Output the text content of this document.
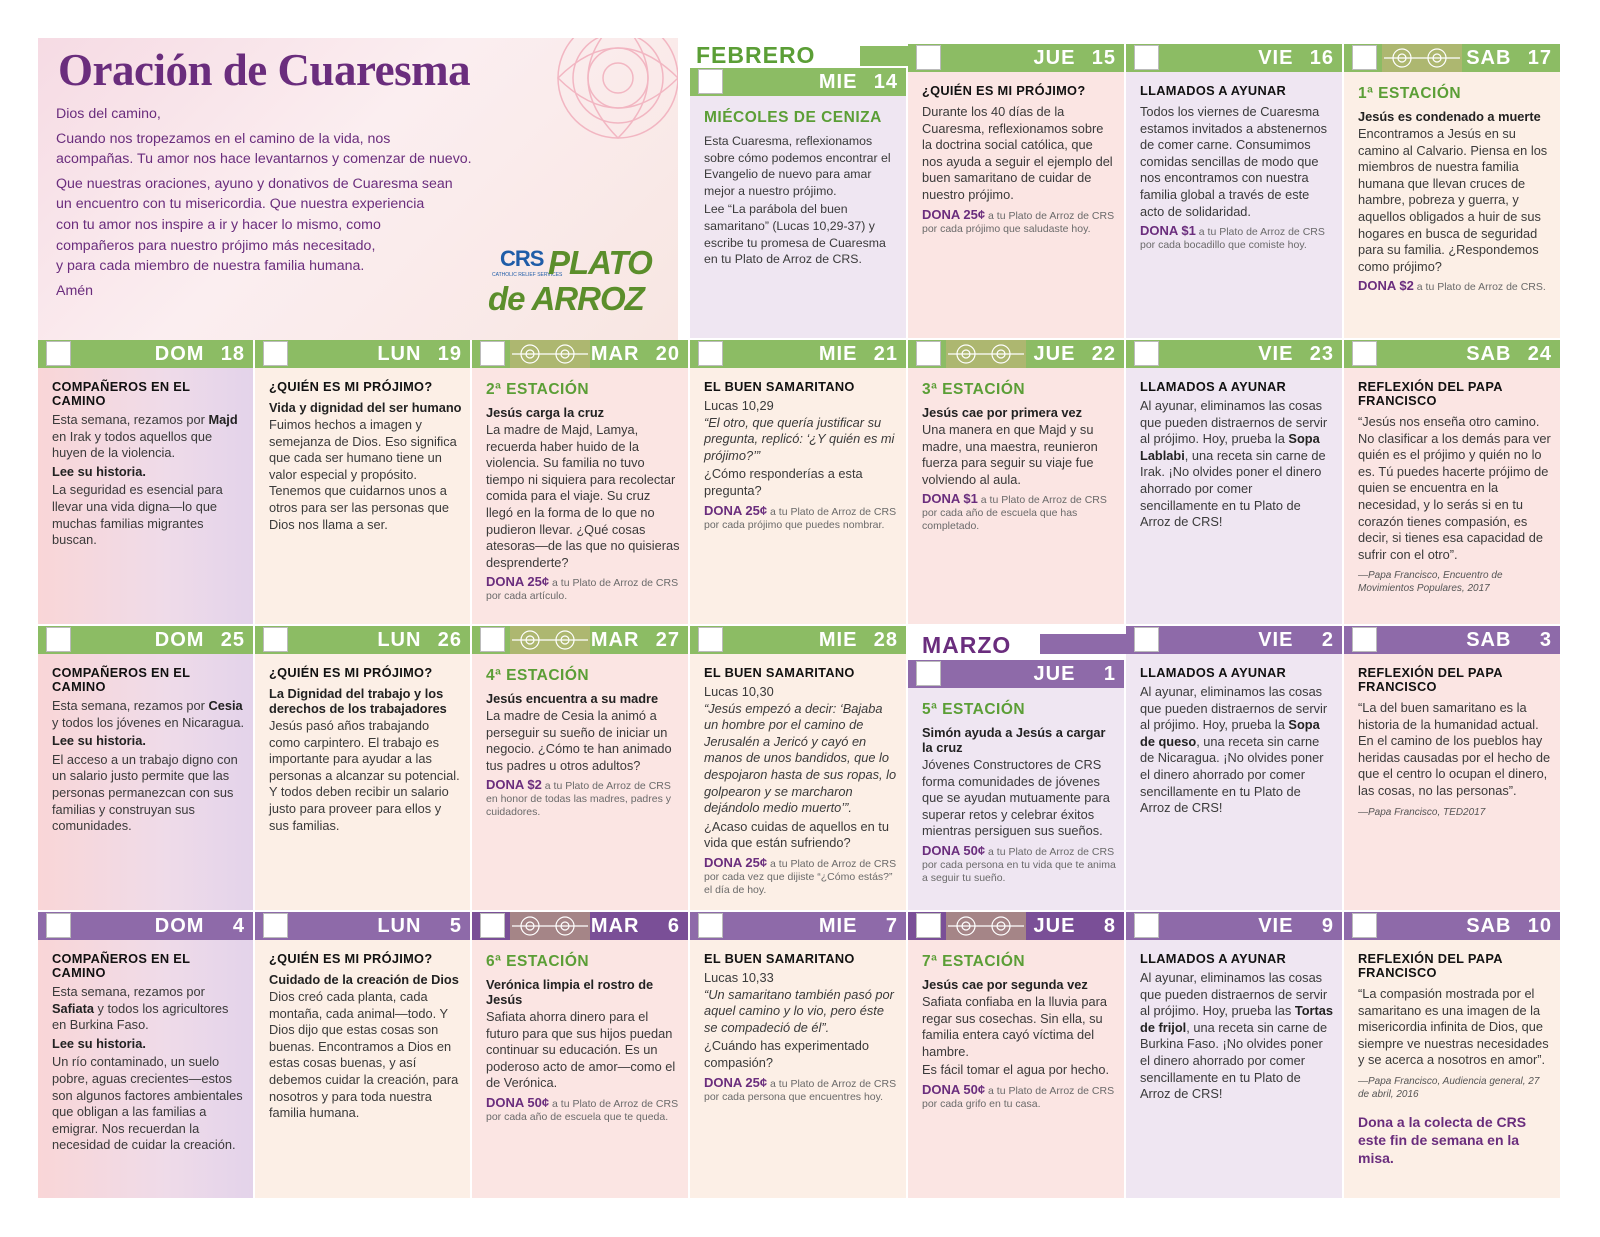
Oración de Cuaresma
Dios del camino,
Cuando nos tropezamos en el camino de la vida, nos
acompañas. Tu amor nos hace levantarnos y comenzar de nuevo.
Que nuestras oraciones, ayuno y donativos de Cuaresma sean
un encuentro con tu misericordia. Que nuestra experiencia
con tu amor nos inspire a ir y hacer lo mismo, como
compañeros para nuestro prójimo más necesitado,
y para cada miembro de nuestra familia humana.
Amén
CRS
CATHOLIC RELIEF SERVICES
PLATO
de ARROZ
FEBRERO
MARZO
MIE 14
MIÉCOLES DE CENIZA
Esta Cuaresma, reflexionamos sobre cómo podemos encontrar el Evangelio de nuevo para amar mejor a nuestro prójimo.
Lee “La parábola del buen samaritano” (Lucas 10,29-37) y escribe tu promesa de Cuaresma en tu Plato de Arroz de CRS.
JUE 15
¿QUIÉN ES MI PRÓJIMO?
Durante los 40 días de la Cuaresma, reflexionamos sobre la doctrina social católica, que nos ayuda a seguir el ejemplo del buen samaritano de cuidar de nuestro prójimo.
DONA 25¢ a tu Plato de Arroz de CRS por cada prójimo que saludaste hoy.
VIE 16
LLAMADOS A AYUNAR
Todos los viernes de Cuaresma estamos invitados a abstenernos de comer carne. Consumimos comidas sencillas de modo que nos encontramos con nuestra familia global a través de este acto de solidaridad.
DONA $1 a tu Plato de Arroz de CRS por cada bocadillo que comiste hoy.
SAB 17
1ª ESTACIÓN
Jesús es condenado a muerte
Encontramos a Jesús en su camino al Calvario. Piensa en los miembros de nuestra familia humana que llevan cruces de hambre, pobreza y guerra, y aquellos obligados a huir de sus hogares en busca de seguridad para su familia. ¿Respondemos como prójimo?
DONA $2 a tu Plato de Arroz de CRS.
DOM 18
COMPAÑEROS EN EL CAMINO
Esta semana, rezamos por Majd en Irak y todos aquellos que huyen de la violencia.
Lee su historia.
La seguridad es esencial para llevar una vida digna—lo que muchas familias migrantes buscan.
LUN 19
¿QUIÉN ES MI PRÓJIMO?
Vida y dignidad del ser humano
Fuimos hechos a imagen y semejanza de Dios. Eso significa que cada ser humano tiene un valor especial y propósito. Tenemos que cuidarnos unos a otros para ser las personas que Dios nos llama a ser.
MAR 20
2ª ESTACIÓN
Jesús carga la cruz
La madre de Majd, Lamya, recuerda haber huido de la violencia. Su familia no tuvo tiempo ni siquiera para recolectar comida para el viaje. Su cruz llegó en la forma de lo que no pudieron llevar. ¿Qué cosas atesoras—de las que no quisieras desprenderte?
DONA 25¢ a tu Plato de Arroz de CRS por cada artículo.
MIE 21
EL BUEN SAMARITANO
Lucas 10,29
“El otro, que quería justificar su pregunta, replicó: ‘¿Y quién es mi prójimo?’”
¿Cómo responderías a esta pregunta?
DONA 25¢ a tu Plato de Arroz de CRS por cada prójimo que puedes nombrar.
JUE 22
3ª ESTACIÓN
Jesús cae por primera vez
Una manera en que Majd y su madre, una maestra, reunieron fuerza para seguir su viaje fue volviendo al aula.
DONA $1 a tu Plato de Arroz de CRS por cada año de escuela que has completado.
VIE 23
LLAMADOS A AYUNAR
Al ayunar, eliminamos las cosas que pueden distraernos de servir al prójimo. Hoy, prueba la Sopa Lablabi, una receta sin carne de Irak. ¡No olvides poner el dinero ahorrado por comer sencillamente en tu Plato de Arroz de CRS!
SAB 24
REFLEXIÓN DEL PAPA FRANCISCO
“Jesús nos enseña otro camino. No clasificar a los demás para ver quién es el prójimo y quién no lo es. Tú puedes hacerte prójimo de quien se encuentra en la necesidad, y lo serás si en tu corazón tienes compasión, es decir, si tienes esa capacidad de sufrir con el otro”.
—Papa Francisco, Encuentro de Movimientos Populares, 2017
DOM 25
COMPAÑEROS EN EL CAMINO
Esta semana, rezamos por Cesia y todos los jóvenes en Nicaragua.
Lee su historia.
El acceso a un trabajo digno con un salario justo permite que las personas permanezcan con sus familias y construyan sus comunidades.
LUN 26
¿QUIÉN ES MI PRÓJIMO?
La Dignidad del trabajo y los derechos de los trabajadores
Jesús pasó años trabajando como carpintero. El trabajo es importante para ayudar a las personas a alcanzar su potencial. Y todos deben recibir un salario justo para proveer para ellos y sus familias.
MAR 27
4ª ESTACIÓN
Jesús encuentra a su madre
La madre de Cesia la animó a perseguir su sueño de iniciar un negocio. ¿Cómo te han animado tus padres u otros adultos?
DONA $2 a tu Plato de Arroz de CRS en honor de todas las madres, padres y cuidadores.
MIE 28
EL BUEN SAMARITANO
Lucas 10,30
“Jesús empezó a decir: ‘Bajaba un hombre por el camino de Jerusalén a Jericó y cayó en manos de unos bandidos, que lo despojaron hasta de sus ropas, lo golpearon y se marcharon dejándolo medio muerto’”.
¿Acaso cuidas de aquellos en tu vida que están sufriendo?
DONA 25¢ a tu Plato de Arroz de CRS por cada vez que dijiste “¿Cómo estás?” el día de hoy.
JUE 1
5ª ESTACIÓN
Simón ayuda a Jesús a cargar la cruz
Jóvenes Constructores de CRS forma comunidades de jóvenes que se ayudan mutuamente para superar retos y celebrar éxitos mientras persiguen sus sueños.
DONA 50¢ a tu Plato de Arroz de CRS por cada persona en tu vida que te anima a seguir tu sueño.
VIE 2
LLAMADOS A AYUNAR
Al ayunar, eliminamos las cosas que pueden distraernos de servir al prójimo. Hoy, prueba la Sopa de queso, una receta sin carne de Nicaragua. ¡No olvides poner el dinero ahorrado por comer sencillamente en tu Plato de Arroz de CRS!
SAB 3
REFLEXIÓN DEL PAPA FRANCISCO
“La del buen samaritano es la historia de la humanidad actual. En el camino de los pueblos hay heridas causadas por el hecho de que el centro lo ocupan el dinero, las cosas, no las personas”.
—Papa Francisco, TED2017
DOM 4
COMPAÑEROS EN EL CAMINO
Esta semana, rezamos por Safiata y todos los agricultores en Burkina Faso.
Lee su historia.
Un río contaminado, un suelo pobre, aguas crecientes—estos son algunos factores ambientales que obligan a las familias a emigrar. Nos recuerdan la necesidad de cuidar la creación.
LUN 5
¿QUIÉN ES MI PRÓJIMO?
Cuidado de la creación de Dios
Dios creó cada planta, cada montaña, cada animal—todo. Y Dios dijo que estas cosas son buenas. Encontramos a Dios en estas cosas buenas, y así debemos cuidar la creación, para nosotros y para toda nuestra familia humana.
MAR 6
6ª ESTACIÓN
Verónica limpia el rostro de Jesús
Safiata ahorra dinero para el futuro para que sus hijos puedan continuar su educación. Es un poderoso acto de amor—como el de Verónica.
DONA 50¢ a tu Plato de Arroz de CRS por cada año de escuela que te queda.
MIE 7
EL BUEN SAMARITANO
Lucas 10,33
“Un samaritano también pasó por aquel camino y lo vio, pero éste se compadeció de él”.
¿Cuándo has experimentado compasión?
DONA 25¢ a tu Plato de Arroz de CRS por cada persona que encuentres hoy.
JUE 8
7ª ESTACIÓN
Jesús cae por segunda vez
Safiata confiaba en la lluvia para regar sus cosechas. Sin ella, su familia entera cayó víctima del hambre.
Es fácil tomar el agua por hecho.
DONA 50¢ a tu Plato de Arroz de CRS por cada grifo en tu casa.
VIE 9
LLAMADOS A AYUNAR
Al ayunar, eliminamos las cosas que pueden distraernos de servir al prójimo. Hoy, prueba las Tortas de frijol, una receta sin carne de Burkina Faso. ¡No olvides poner el dinero ahorrado por comer sencillamente en tu Plato de Arroz de CRS!
SAB 10
REFLEXIÓN DEL PAPA FRANCISCO
“La compasión mostrada por el samaritano es una imagen de la misericordia infinita de Dios, que siempre ve nuestras necesidades y se acerca a nosotros en amor”.
—Papa Francisco, Audiencia general, 27 de abril, 2016
Dona a la colecta de CRS este fin de semana en la misa.
